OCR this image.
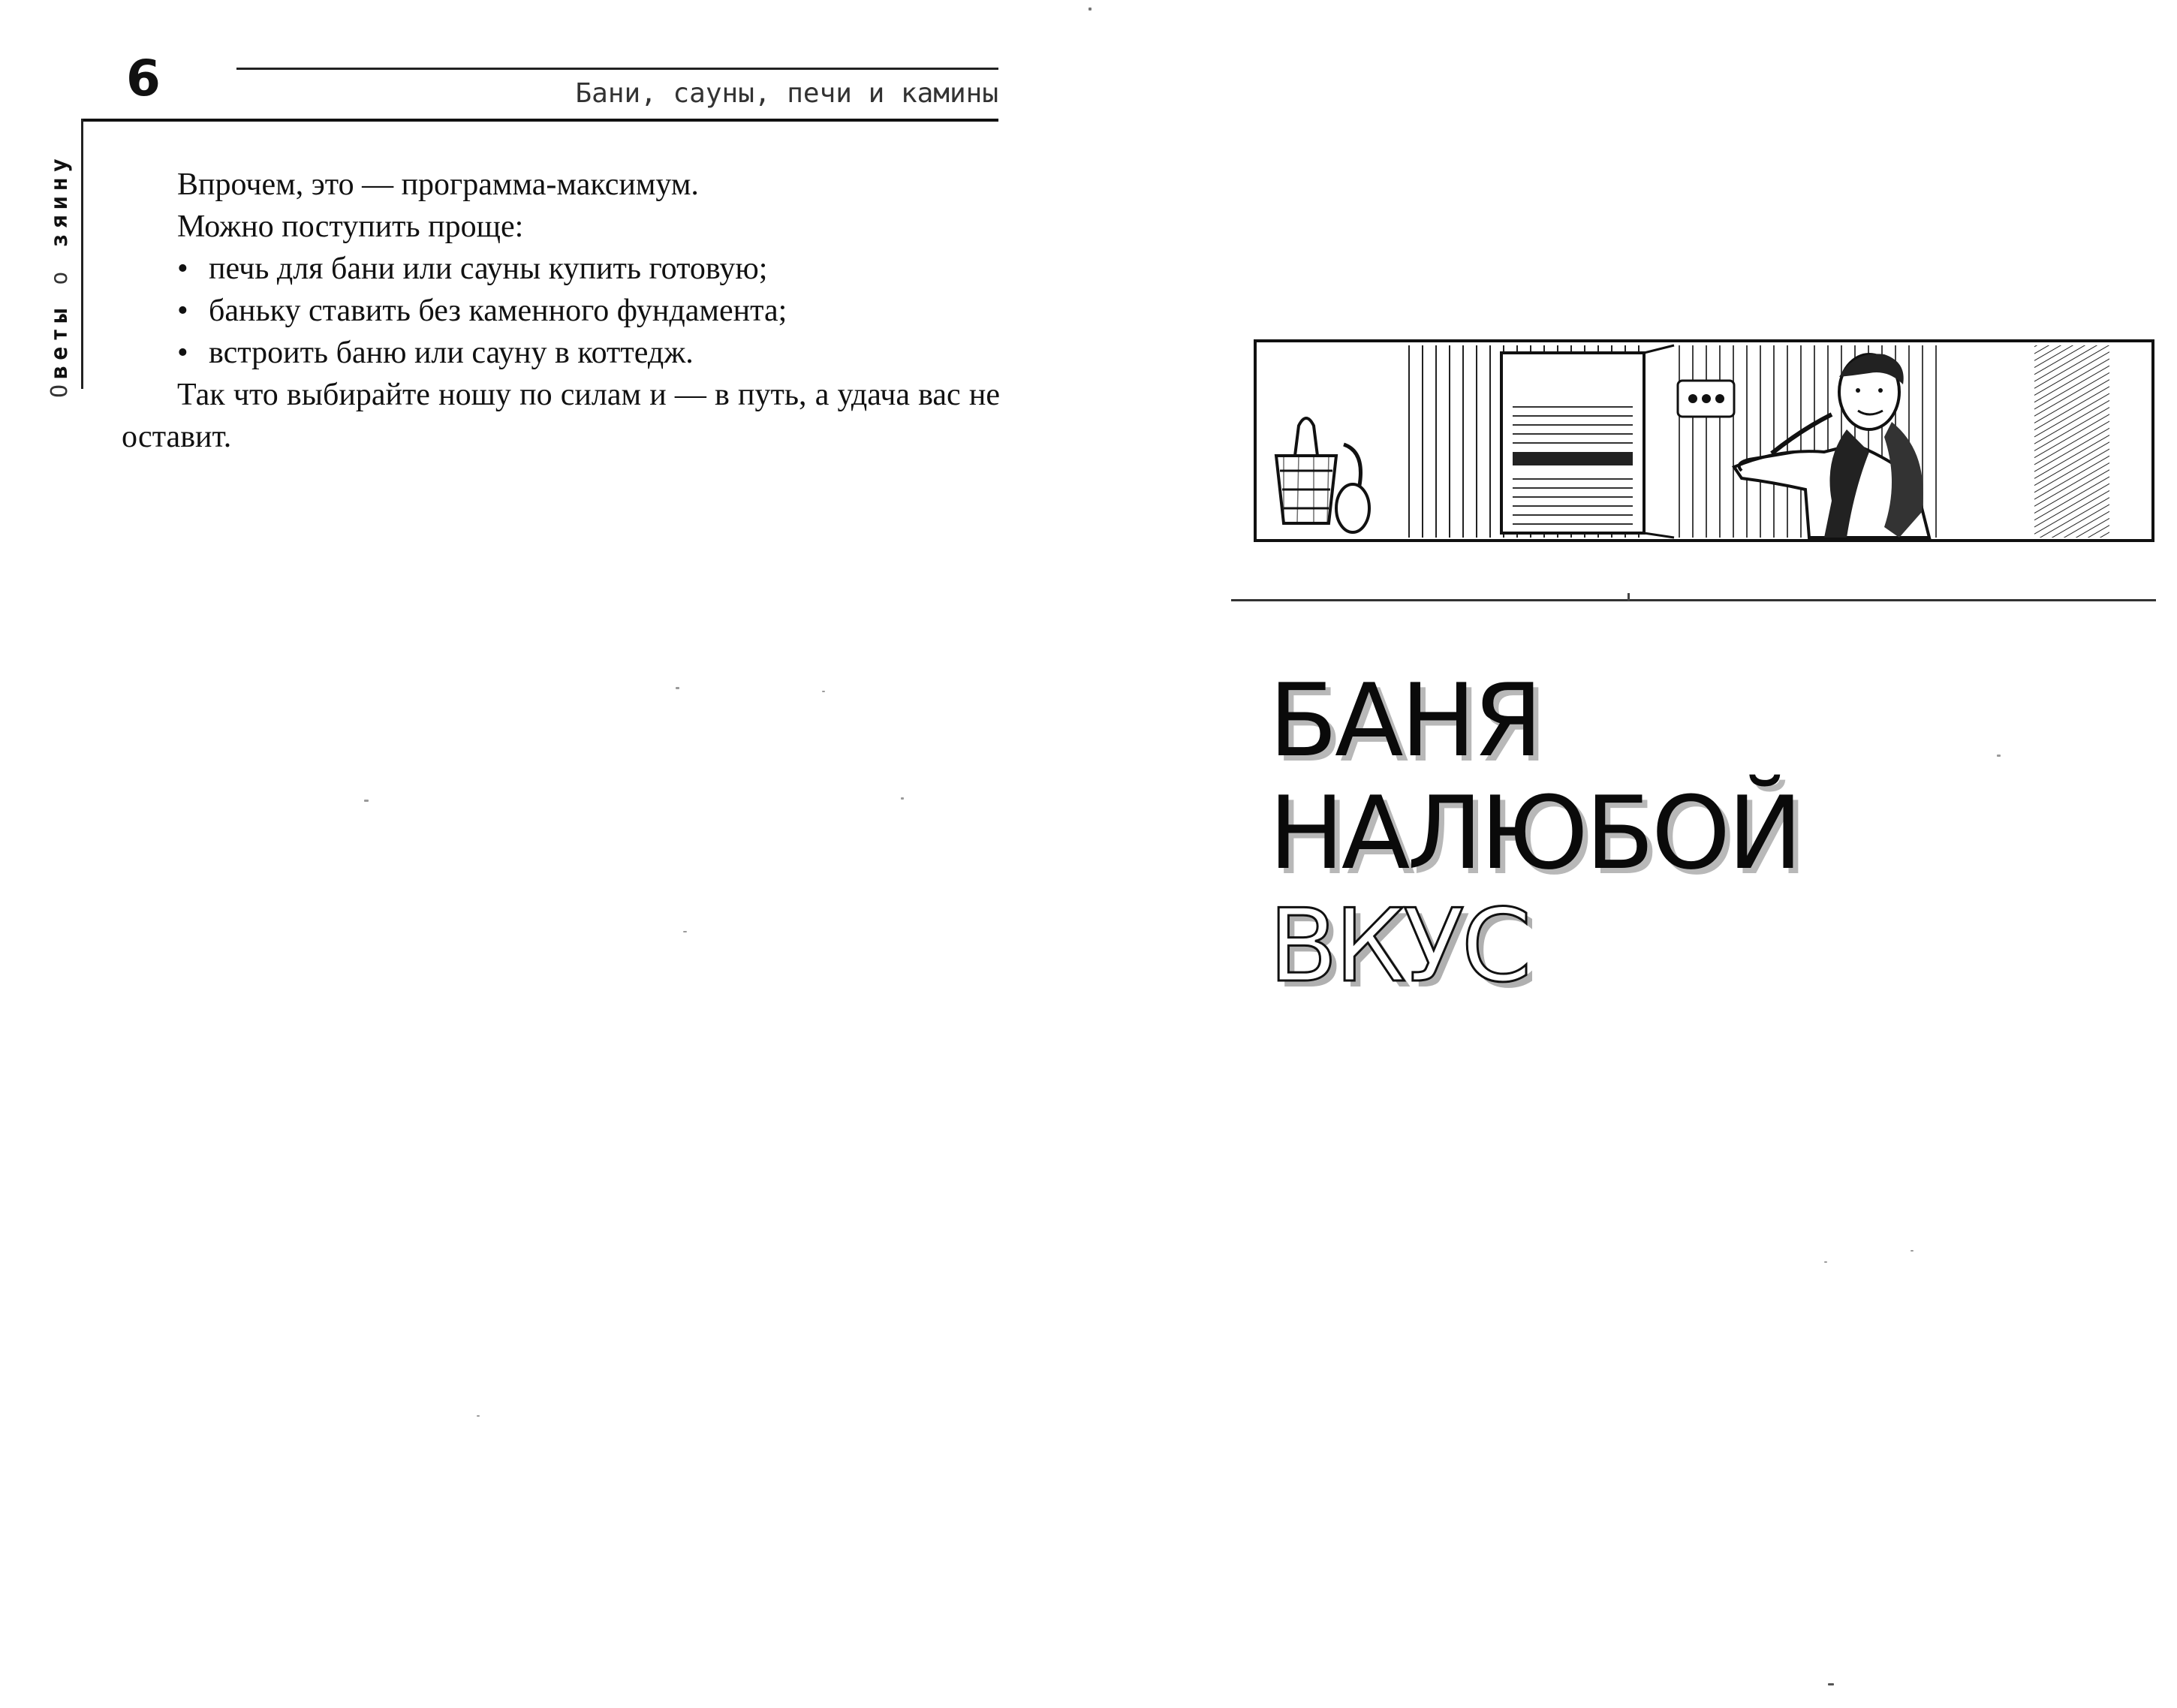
6	Бани, сауны, печи и камины
Оветы о зяину	Впрочем, это — программа-максимум.

Можно поступить проще:

• печь для бани или сауны купить готовую;

• баньку ставить без каменного фундамента;

• встроить баню или сауну в коттедж.

Так что выбирайте ношу по силам и — в путь, а удача вас не оставит.

БАНЯ
НАЛЮБОЙ
ВКУС
